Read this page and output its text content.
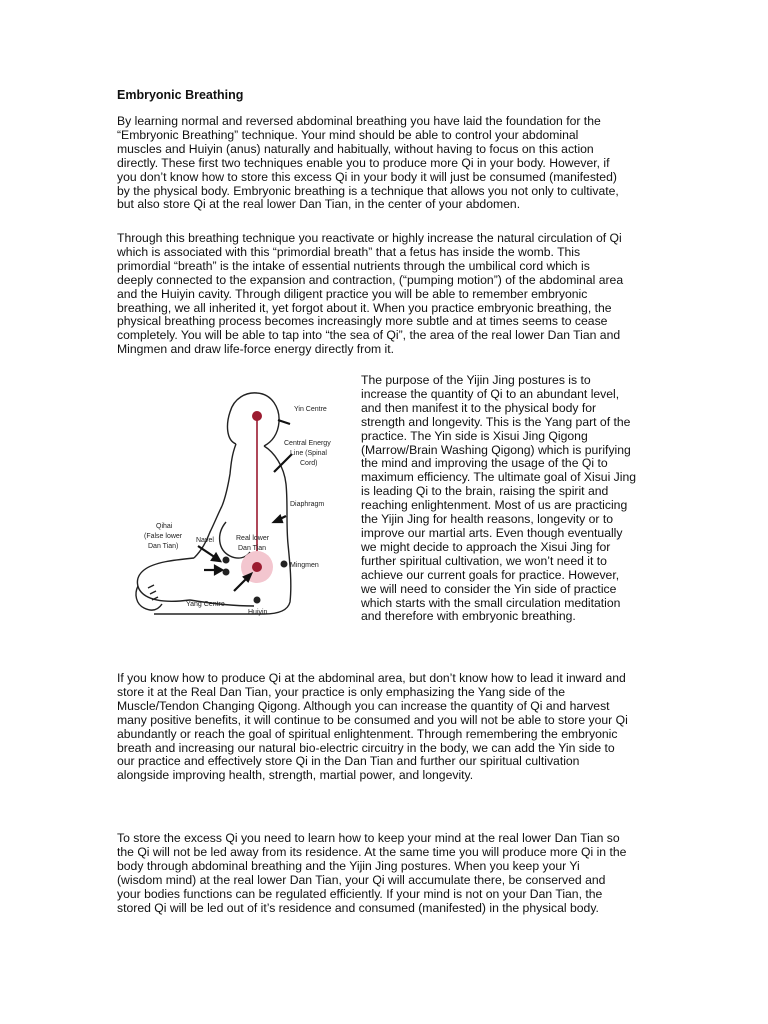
Embryonic Breathing

By learning normal and reversed abdominal breathing you have laid the foundation for the
“Embryonic Breathing” technique. Your mind should be able to control your abdominal
muscles and Huiyin (anus) naturally and habitually, without having to focus on this action
directly. These first two techniques enable you to produce more Qi in your body. However, if
you don’t know how to store this excess Qi in your body it will just be consumed (manifested)
by the physical body. Embryonic breathing is a technique that allows you not only to cultivate,
but also store Qi at the real lower Dan Tian, in the center of your abdomen.

Through this breathing technique you reactivate or highly increase the natural circulation of Qi
which is associated with this “primordial breath” that a fetus has inside the womb. This
primordial “breath” is the intake of essential nutrients through the umbilical cord which is
deeply connected to the expansion and contraction, (“pumping motion”) of the abdominal area
and the Huiyin cavity. Through diligent practice you will be able to remember embryonic
breathing, we all inherited it, yet forgot about it. When you practice embryonic breathing, the
physical breathing process becomes increasingly more subtle and at times seems to cease
completely. You will be able to tap into “the sea of Qi”, the area of the real lower Dan Tian and
Mingmen and draw life-force energy directly from it.

If you know how to produce Qi at the abdominal area, but don’t know how to lead it inward and
store it at the Real Dan Tian, your practice is only emphasizing the Yang side of the
Muscle/Tendon Changing Qigong. Although you can increase the quantity of Qi and harvest
many positive benefits, it will continue to be consumed and you will not be able to store your Qi
abundantly or reach the goal of spiritual enlightenment. Through remembering the embryonic
breath and increasing our natural bio-electric circuitry in the body, we can add the Yin side to
our practice and effectively store Qi in the Dan Tian and further our spiritual cultivation
alongside improving health, strength, martial power, and longevity.

To store the excess Qi you need to learn how to keep your mind at the real lower Dan Tian so
the Qi will not be led away from its residence. At the same time you will produce more Qi in the
body through abdominal breathing and the Yijin Jing postures. When you keep your Yi
(wisdom mind) at the real lower Dan Tian, your Qi will accumulate there, be conserved and
your bodies functions can be regulated efficiently. If your mind is not on your Dan Tian, the
stored Qi will be led out of it’s residence and consumed (manifested) in the physical body.

The purpose of the Yijin Jing postures is to
increase the quantity of Qi to an abundant level,
and then manifest it to the physical body for
strength and longevity. This is the Yang part of the
practice. The Yin side is Xisui Jing Qigong
(Marrow/Brain Washing Qigong) which is purifying
the mind and improving the usage of the Qi to
maximum efficiency. The ultimate goal of Xisui Jing
is leading Qi to the brain, raising the spirit and
reaching enlightenment. Most of us are practicing
the Yijin Jing for health reasons, longevity or to
improve our martial arts. Even though eventually
we might decide to approach the Xisui Jing for
further spiritual cultivation, we won’t need it to
achieve our current goals for practice. However,
we will need to consider the Yin side of practice
which starts with the small circulation meditation
and therefore with embryonic breathing.

Yin Centre
Central Energy
Line (Spinal
Cord)
Diaphragm
Qihai
(False lower
Dan Tian)
Navel	Real lower
Dan Tian
Mingmen
Yang Centre
Huiyin
